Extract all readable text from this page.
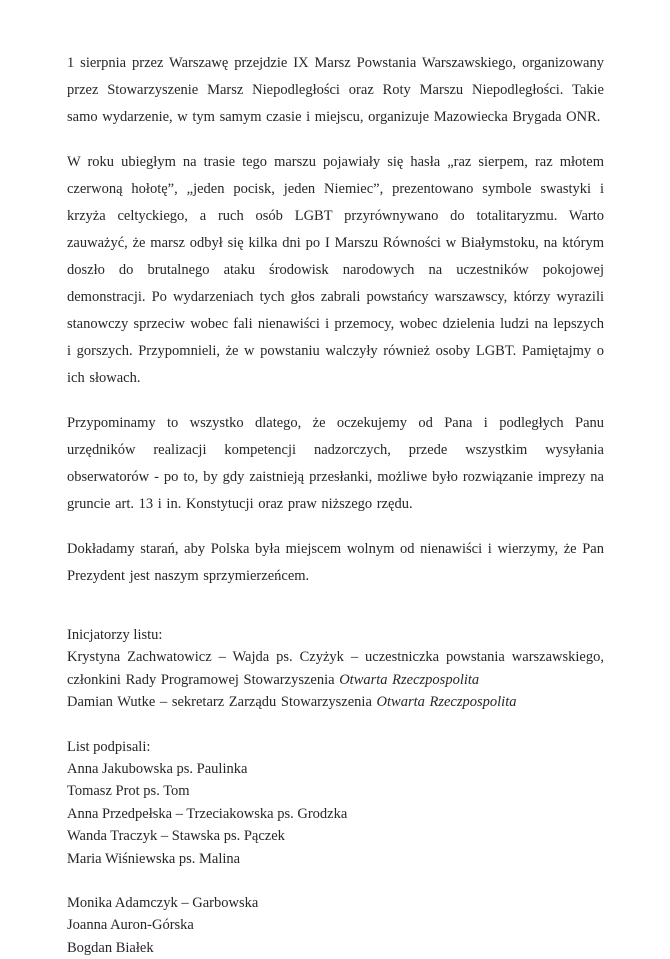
1 sierpnia przez Warszawę przejdzie IX Marsz Powstania Warszawskiego, organizowany przez Stowarzyszenie Marsz Niepodległości oraz Roty Marszu Niepodległości. Takie samo wydarzenie, w tym samym czasie i miejscu, organizuje Mazowiecka Brygada ONR.

W roku ubiegłym na trasie tego marszu pojawiały się hasła „raz sierpem, raz młotem czerwoną hołotę”, „jeden pocisk, jeden Niemiec”, prezentowano symbole swastyki i krzyża celtyckiego, a ruch osób LGBT przyrównywano do totalitaryzmu. Warto zauważyć, że marsz odbył się kilka dni po I Marszu Równości w Białymstoku, na którym doszło do brutalnego ataku środowisk narodowych na uczestników pokojowej demonstracji. Po wydarzeniach tych głos zabrali powstańcy warszawscy, którzy wyrazili stanowczy sprzeciw wobec fali nienawiści i przemocy, wobec dzielenia ludzi na lepszych i gorszych. Przypomnieli, że w powstaniu walczyły również osoby LGBT. Pamiętajmy o ich słowach.

Przypominamy to wszystko dlatego, że oczekujemy od Pana i podległych Panu urzędników realizacji kompetencji nadzorczych, przede wszystkim wysyłania obserwatorów - po to, by gdy zaistnieją przesłanki, możliwe było rozwiązanie imprezy na gruncie art. 13 i in. Konstytucji oraz praw niższego rzędu.

Dokładamy starań, aby Polska była miejscem wolnym od nienawiści i wierzymy, że Pan Prezydent jest naszym sprzymierzeńcem.

Inicjatorzy listu:
Krystyna Zachwatowicz – Wajda ps. Czyżyk – uczestniczka powstania warszawskiego, członkini Rady Programowej Stowarzyszenia Otwarta Rzeczpospolita
Damian Wutke – sekretarz Zarządu Stowarzyszenia Otwarta Rzeczpospolita
List podpisali:
Anna Jakubowska ps. Paulinka
Tomasz Prot ps. Tom
Anna Przedpełska – Trzeciakowska ps. Grodzka
Wanda Traczyk – Stawska ps. Pączek
Maria Wiśniewska ps. Malina
Monika Adamczyk – Garbowska
Joanna Auron-Górska
Bogdan Białek
